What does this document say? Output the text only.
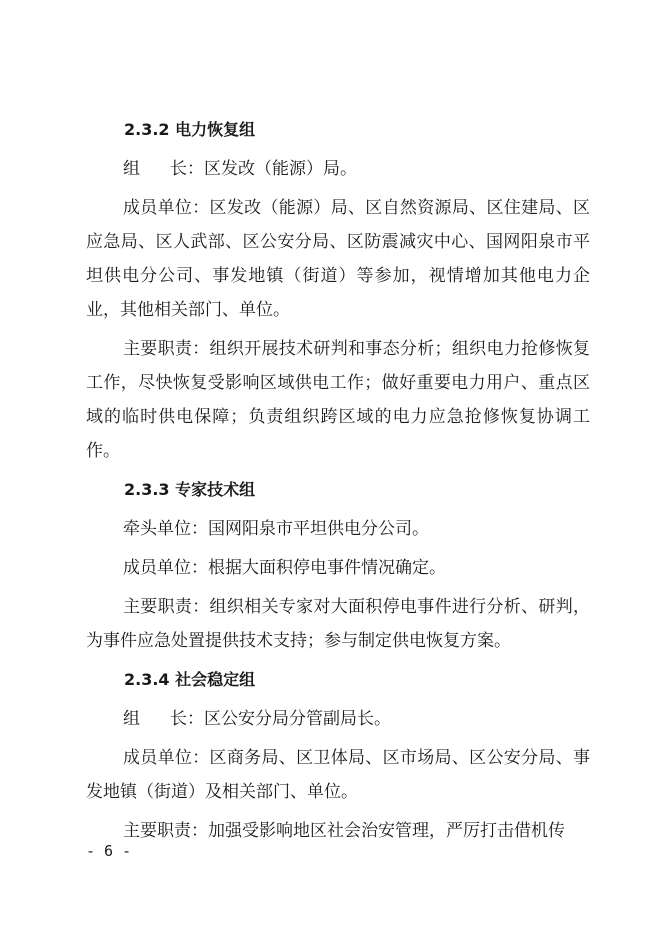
2.3.2 电力恢复组

组 长：区发改（能源）局。

成员单位：区发改（能源）局、区自然资源局、区住建局、区应急局、区人武部、区公安分局、区防震减灾中心、国网阳泉市平坦供电分公司、事发地镇（街道）等参加，视情增加其他电力企业，其他相关部门、单位。

主要职责：组织开展技术研判和事态分析；组织电力抢修恢复工作，尽快恢复受影响区域供电工作；做好重要电力用户、重点区域的临时供电保障；负责组织跨区域的电力应急抢修恢复协调工作。

2.3.3 专家技术组

牵头单位：国网阳泉市平坦供电分公司。

成员单位：根据大面积停电事件情况确定。

主要职责：组织相关专家对大面积停电事件进行分析、研判，为事件应急处置提供技术支持；参与制定供电恢复方案。

2.3.4 社会稳定组

组 长：区公安分局分管副局长。

成员单位：区商务局、区卫体局、区市场局、区公安分局、事发地镇（街道）及相关部门、单位。

主要职责：加强受影响地区社会治安管理，严厉打击借机传

- 6 -
